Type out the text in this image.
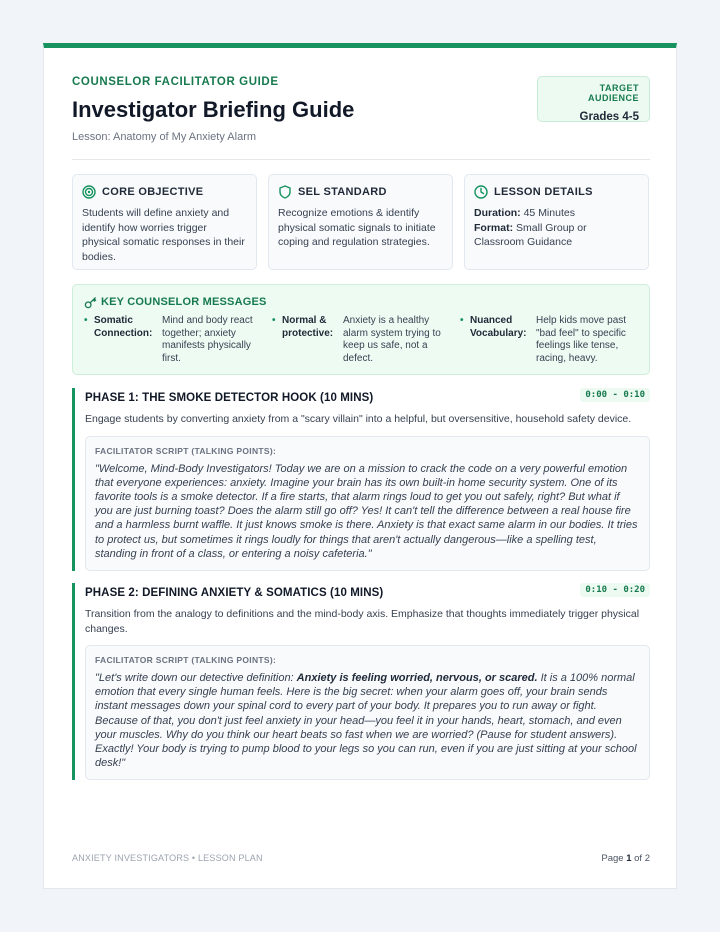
COUNSELOR FACILITATOR GUIDE
Investigator Briefing Guide
Lesson: Anatomy of My Anxiety Alarm
TARGET AUDIENCE
Grades 4-5
CORE OBJECTIVE
Students will define anxiety and identify how worries trigger physical somatic responses in their bodies.
SEL STANDARD
Recognize emotions & identify physical somatic signals to initiate coping and regulation strategies.
LESSON DETAILS
Duration: 45 Minutes
Format: Small Group or Classroom Guidance
KEY COUNSELOR MESSAGES
• Somatic Connection:
Mind and body react together; anxiety manifests physically first.
• Normal & protective:
Anxiety is a healthy alarm system trying to keep us safe, not a defect.
• Nuanced Vocabulary:
Help kids move past "bad feel" to specific feelings like tense, racing, heavy.
PHASE 1: THE SMOKE DETECTOR HOOK (10 MINS)	0:00 - 0:10
Engage students by converting anxiety from a "scary villain" into a helpful, but oversensitive, household safety device.
FACILITATOR SCRIPT (TALKING POINTS):
"Welcome, Mind-Body Investigators! Today we are on a mission to crack the code on a very powerful emotion that everyone experiences: anxiety. Imagine your brain has its own built-in home security system. One of its favorite tools is a smoke detector. If a fire starts, that alarm rings loud to get you out safely, right? But what if you are just burning toast? Does the alarm still go off? Yes! It can't tell the difference between a real house fire and a harmless burnt waffle. It just knows smoke is there. Anxiety is that exact same alarm in our bodies. It tries to protect us, but sometimes it rings loudly for things that aren't actually dangerous—like a spelling test, standing in front of a class, or entering a noisy cafeteria."
PHASE 2: DEFINING ANXIETY & SOMATICS (10 MINS)	0:10 - 0:20
Transition from the analogy to definitions and the mind-body axis. Emphasize that thoughts immediately trigger physical changes.
FACILITATOR SCRIPT (TALKING POINTS):
"Let's write down our detective definition: Anxiety is feeling worried, nervous, or scared. It is a 100% normal emotion that every single human feels. Here is the big secret: when your alarm goes off, your brain sends instant messages down your spinal cord to every part of your body. It prepares you to run away or fight. Because of that, you don't just feel anxiety in your head—you feel it in your hands, heart, stomach, and even your muscles. Why do you think our heart beats so fast when we are worried? (Pause for student answers). Exactly! Your body is trying to pump blood to your legs so you can run, even if you are just sitting at your school desk!"
ANXIETY INVESTIGATORS • LESSON PLAN	Page 1 of 2
